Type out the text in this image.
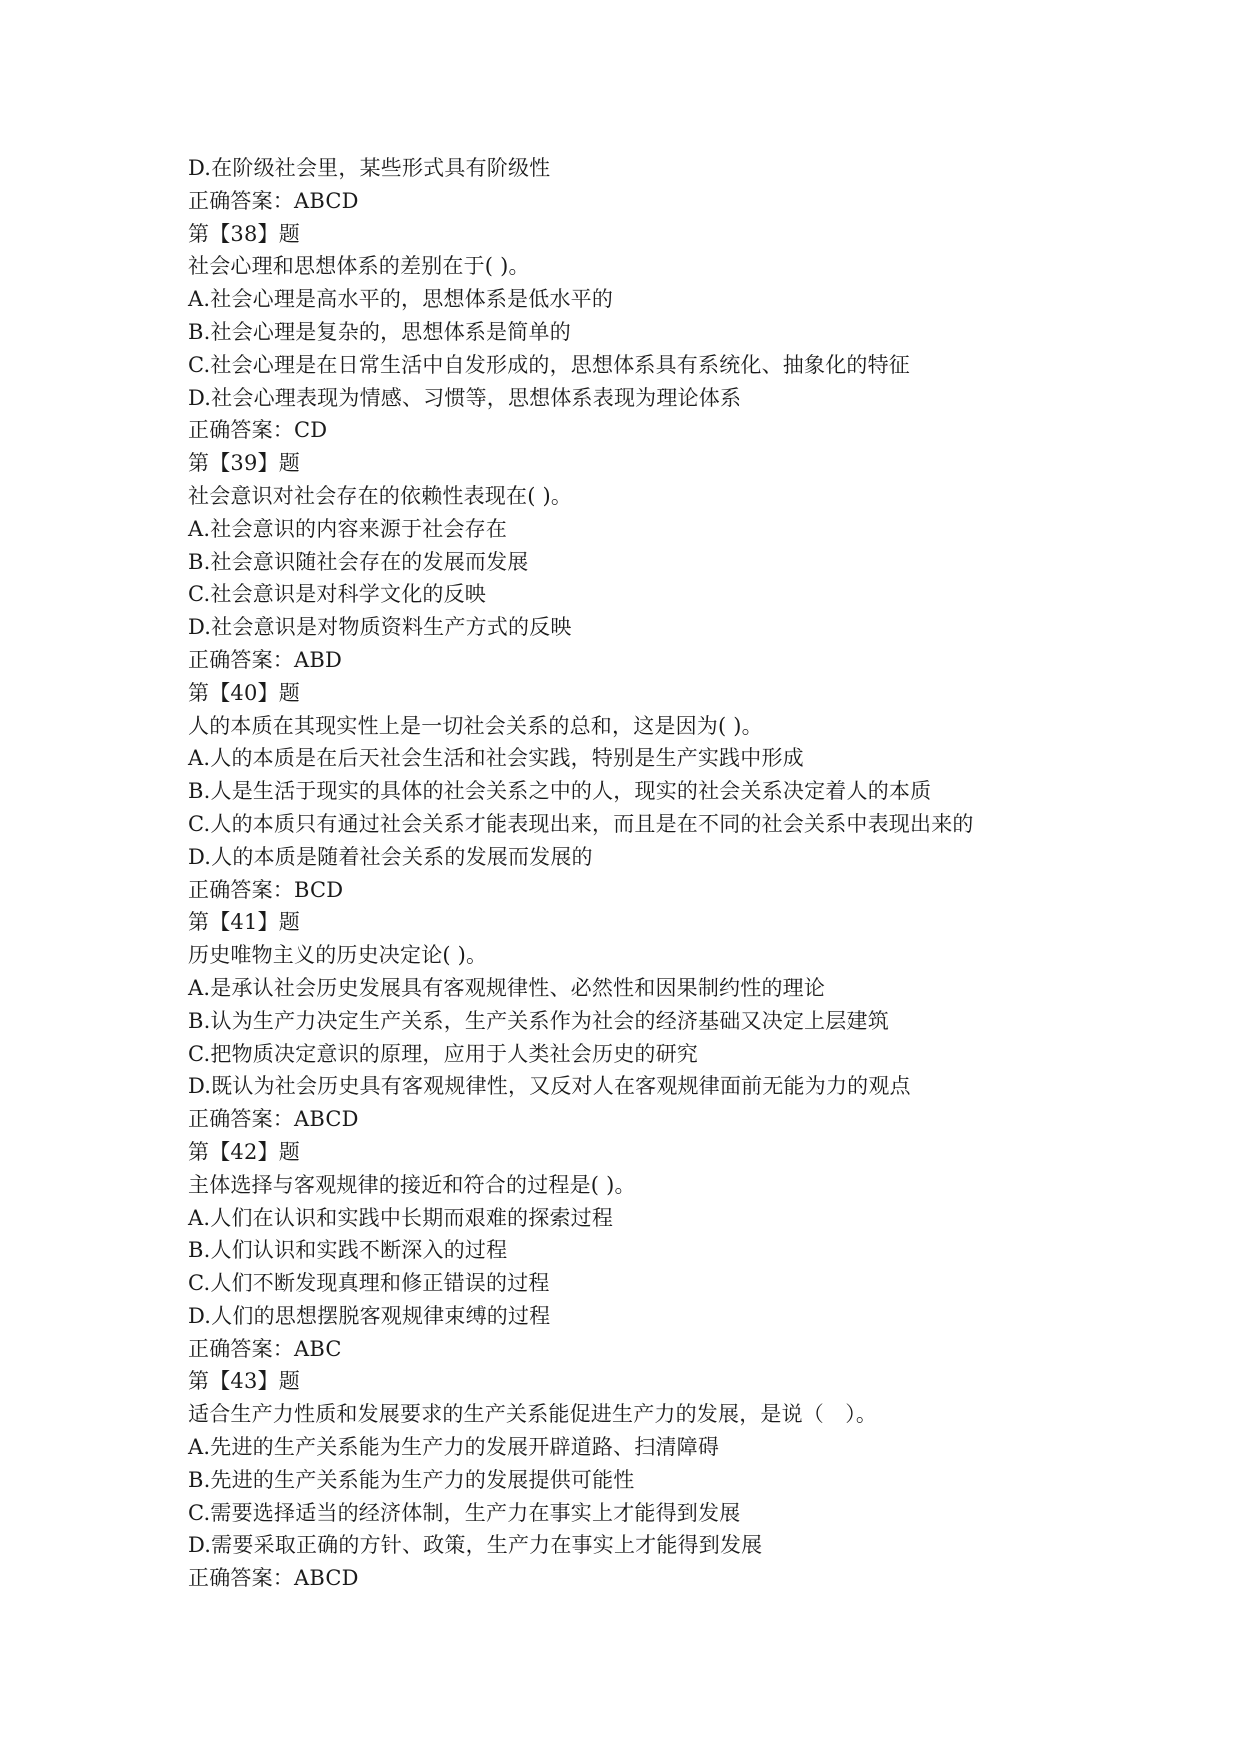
D.在阶级社会里，某些形式具有阶级性
正确答案：ABCD
第【38】题
社会心理和思想体系的差别在于( )。
A.社会心理是高水平的，思想体系是低水平的
B.社会心理是复杂的，思想体系是简单的
C.社会心理是在日常生活中自发形成的，思想体系具有系统化、抽象化的特征
D.社会心理表现为情感、习惯等，思想体系表现为理论体系
正确答案：CD
第【39】题
社会意识对社会存在的依赖性表现在( )。
A.社会意识的内容来源于社会存在
B.社会意识随社会存在的发展而发展
C.社会意识是对科学文化的反映
D.社会意识是对物质资料生产方式的反映
正确答案：ABD
第【40】题
人的本质在其现实性上是一切社会关系的总和，这是因为( )。
A.人的本质是在后天社会生活和社会实践，特别是生产实践中形成
B.人是生活于现实的具体的社会关系之中的人，现实的社会关系决定着人的本质
C.人的本质只有通过社会关系才能表现出来，而且是在不同的社会关系中表现出来的
D.人的本质是随着社会关系的发展而发展的
正确答案：BCD
第【41】题
历史唯物主义的历史决定论( )。
A.是承认社会历史发展具有客观规律性、必然性和因果制约性的理论
B.认为生产力决定生产关系，生产关系作为社会的经济基础又决定上层建筑
C.把物质决定意识的原理，应用于人类社会历史的研究
D.既认为社会历史具有客观规律性，又反对人在客观规律面前无能为力的观点
正确答案：ABCD
第【42】题
主体选择与客观规律的接近和符合的过程是( )。
A.人们在认识和实践中长期而艰难的探索过程
B.人们认识和实践不断深入的过程
C.人们不断发现真理和修正错误的过程
D.人们的思想摆脱客观规律束缚的过程
正确答案：ABC
第【43】题
适合生产力性质和发展要求的生产关系能促进生产力的发展，是说（　）。
A.先进的生产关系能为生产力的发展开辟道路、扫清障碍
B.先进的生产关系能为生产力的发展提供可能性
C.需要选择适当的经济体制，生产力在事实上才能得到发展
D.需要采取正确的方针、政策，生产力在事实上才能得到发展
正确答案：ABCD
